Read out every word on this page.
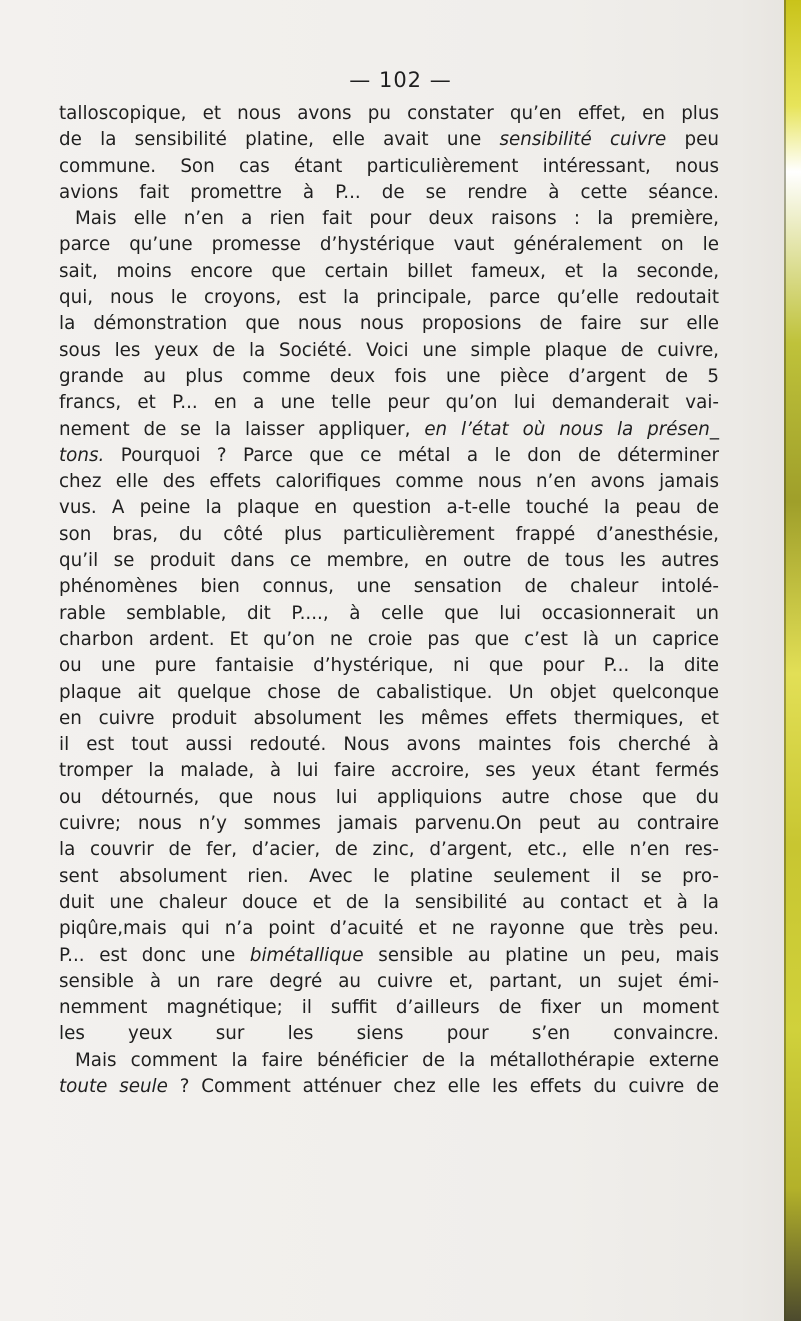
— 102 —
talloscopique, et nous avons pu constater qu’en effet, en plus
de la sensibilité platine, elle avait une sensibilité cuivre peu
commune. Son cas étant particulièrement intéressant, nous
avions fait promettre à P... de se rendre à cette séance.
Mais elle n’en a rien fait pour deux raisons : la première,
parce qu’une promesse d’hystérique vaut généralement on le
sait, moins encore que certain billet fameux, et la seconde,
qui, nous le croyons, est la principale, parce qu’elle redoutait
la démonstration que nous nous proposions de faire sur elle
sous les yeux de la Société. Voici une simple plaque de cuivre,
grande au plus comme deux fois une pièce d’argent de 5
francs, et P... en a une telle peur qu’on lui demanderait vai-
nement de se la laisser appliquer, en l’état où nous la présen_
tons. Pourquoi ? Parce que ce métal a le don de déterminer
chez elle des effets calorifiques comme nous n’en avons jamais
vus. A peine la plaque en question a-t-elle touché la peau de
son bras, du côté plus particulièrement frappé d’anesthésie,
qu’il se produit dans ce membre, en outre de tous les autres
phénomènes bien connus, une sensation de chaleur intolé-
rable semblable, dit P...., à celle que lui occasionnerait un
charbon ardent. Et qu’on ne croie pas que c’est là un caprice
ou une pure fantaisie d’hystérique, ni que pour P... la dite
plaque ait quelque chose de cabalistique. Un objet quelconque
en cuivre produit absolument les mêmes effets thermiques, et
il est tout aussi redouté. Nous avons maintes fois cherché à
tromper la malade, à lui faire accroire, ses yeux étant fermés
ou détournés, que nous lui appliquions autre chose que du
cuivre; nous n’y sommes jamais parvenu.On peut au contraire
la couvrir de fer, d’acier, de zinc, d’argent, etc., elle n’en res-
sent absolument rien. Avec le platine seulement il se pro-
duit une chaleur douce et de la sensibilité au contact et à la
piqûre,mais qui n’a point d’acuité et ne rayonne que très peu.
P... est donc une bimétallique sensible au platine un peu, mais
sensible à un rare degré au cuivre et, partant, un sujet émi-
nemment magnétique; il suffit d’ailleurs de fixer un moment
les yeux sur les siens pour s’en convaincre.
Mais comment la faire bénéficier de la métallothérapie externe
toute seule ? Comment atténuer chez elle les effets du cuivre de
